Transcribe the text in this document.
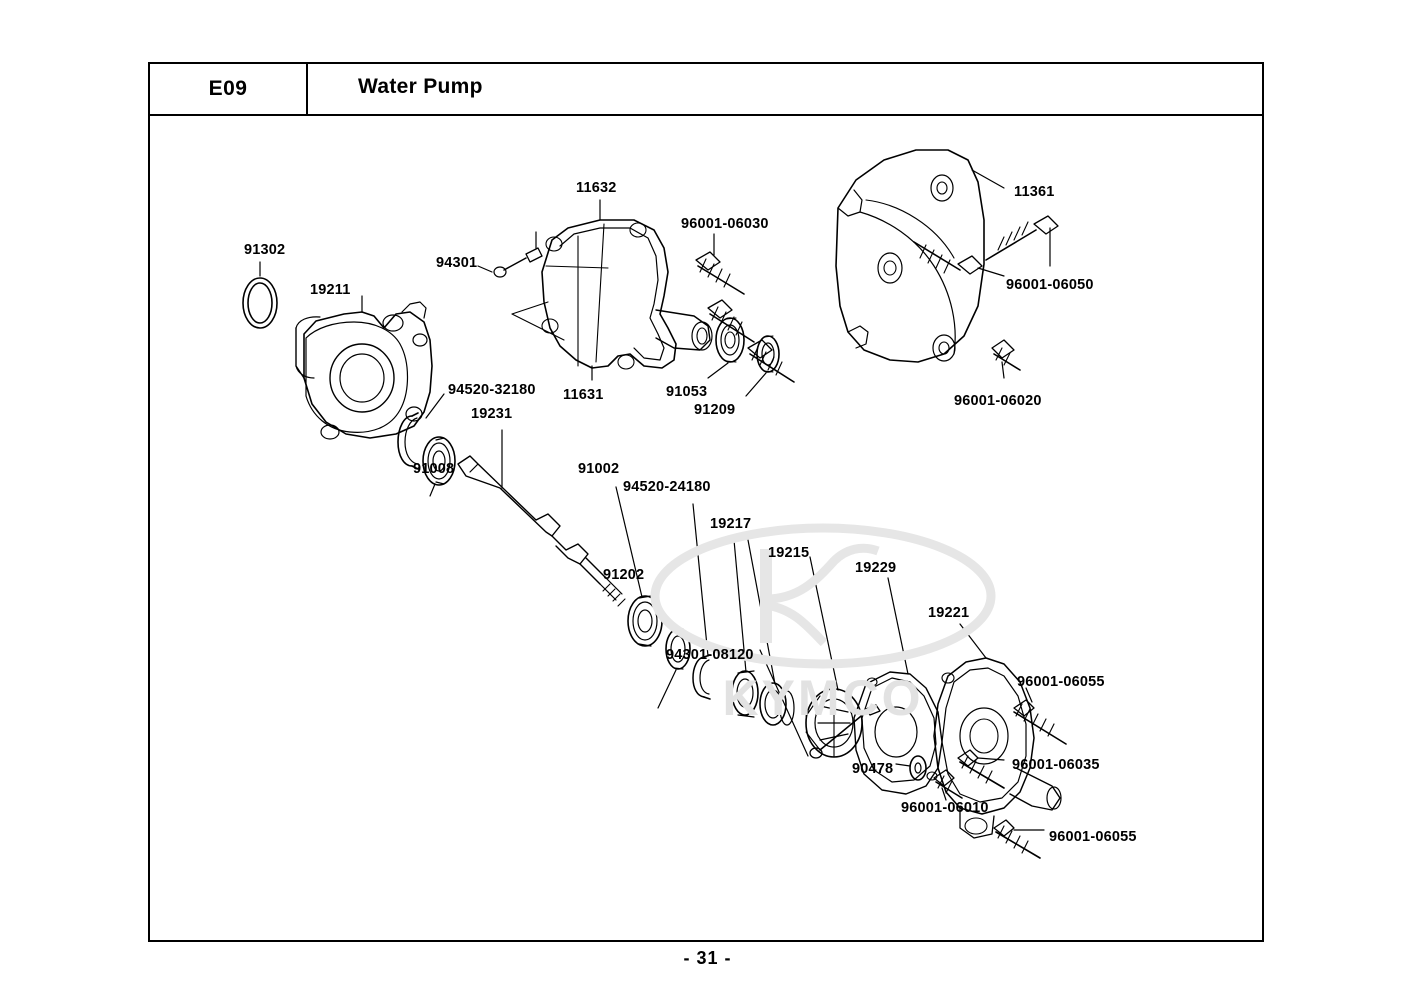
E09	Water Pump
KYMCO
91302
19211
94301
11632
96001-06030
11631	91053
91209
11361
96001-06050
96001-06020
94520-32180
91008
19231
91002
94520-24180
91202
19217
19215
94301-08120
19229
19221
96001-06055
96001-06035
90478
96001-06010
96001-06055
- 31 -
